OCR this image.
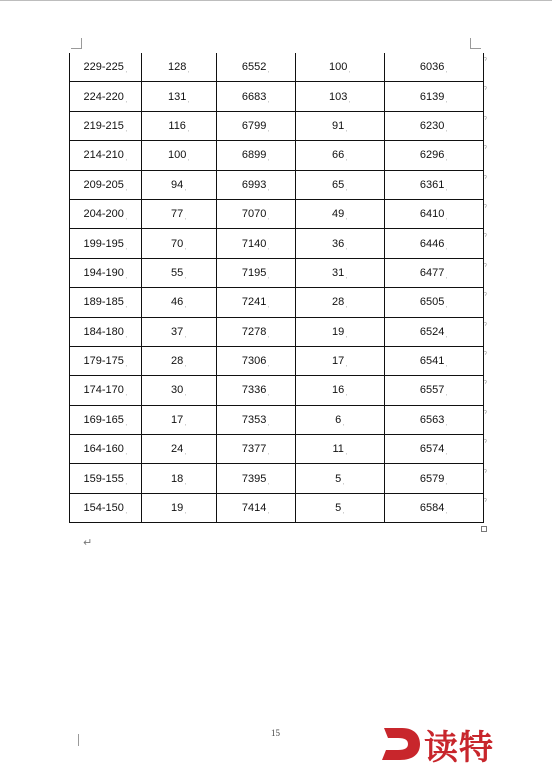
229-225ˌ	128ˌ	6552ˌ	100ˌ	6036ˌ
224-220ˌ	131ˌ	6683ˌ	103ˌ	6139ˌ
219-215ˌ	116ˌ	6799ˌ	91ˌ	6230ˌ
214-210ˌ	100ˌ	6899ˌ	66ˌ	6296ˌ
209-205ˌ	94ˌ	6993ˌ	65ˌ	6361ˌ
204-200ˌ	77ˌ	7070ˌ	49ˌ	6410ˌ
199-195ˌ	70ˌ	7140ˌ	36ˌ	6446ˌ
194-190ˌ	55ˌ	7195ˌ	31ˌ	6477ˌ
189-185ˌ	46ˌ	7241ˌ	28ˌ	6505ˌ
184-180ˌ	37ˌ	7278ˌ	19ˌ	6524ˌ
179-175ˌ	28ˌ	7306ˌ	17ˌ	6541ˌ
174-170ˌ	30ˌ	7336ˌ	16ˌ	6557ˌ
169-165ˌ	17ˌ	7353ˌ	6ˌ	6563ˌ
164-160ˌ	24ˌ	7377ˌ	11ˌ	6574ˌ
159-155ˌ	18ˌ	7395ˌ	5ˌ	6579ˌ
154-150ˌ	19ˌ	7414ˌ	5ˌ	6584ˌ
ˀ
ˀ
ˀ
ˀ
ˀ
ˀ
ˀ
ˀ
ˀ
ˀ
ˀ
ˀ
ˀ
ˀ
ˀ
ˀ
↵
15	读特
